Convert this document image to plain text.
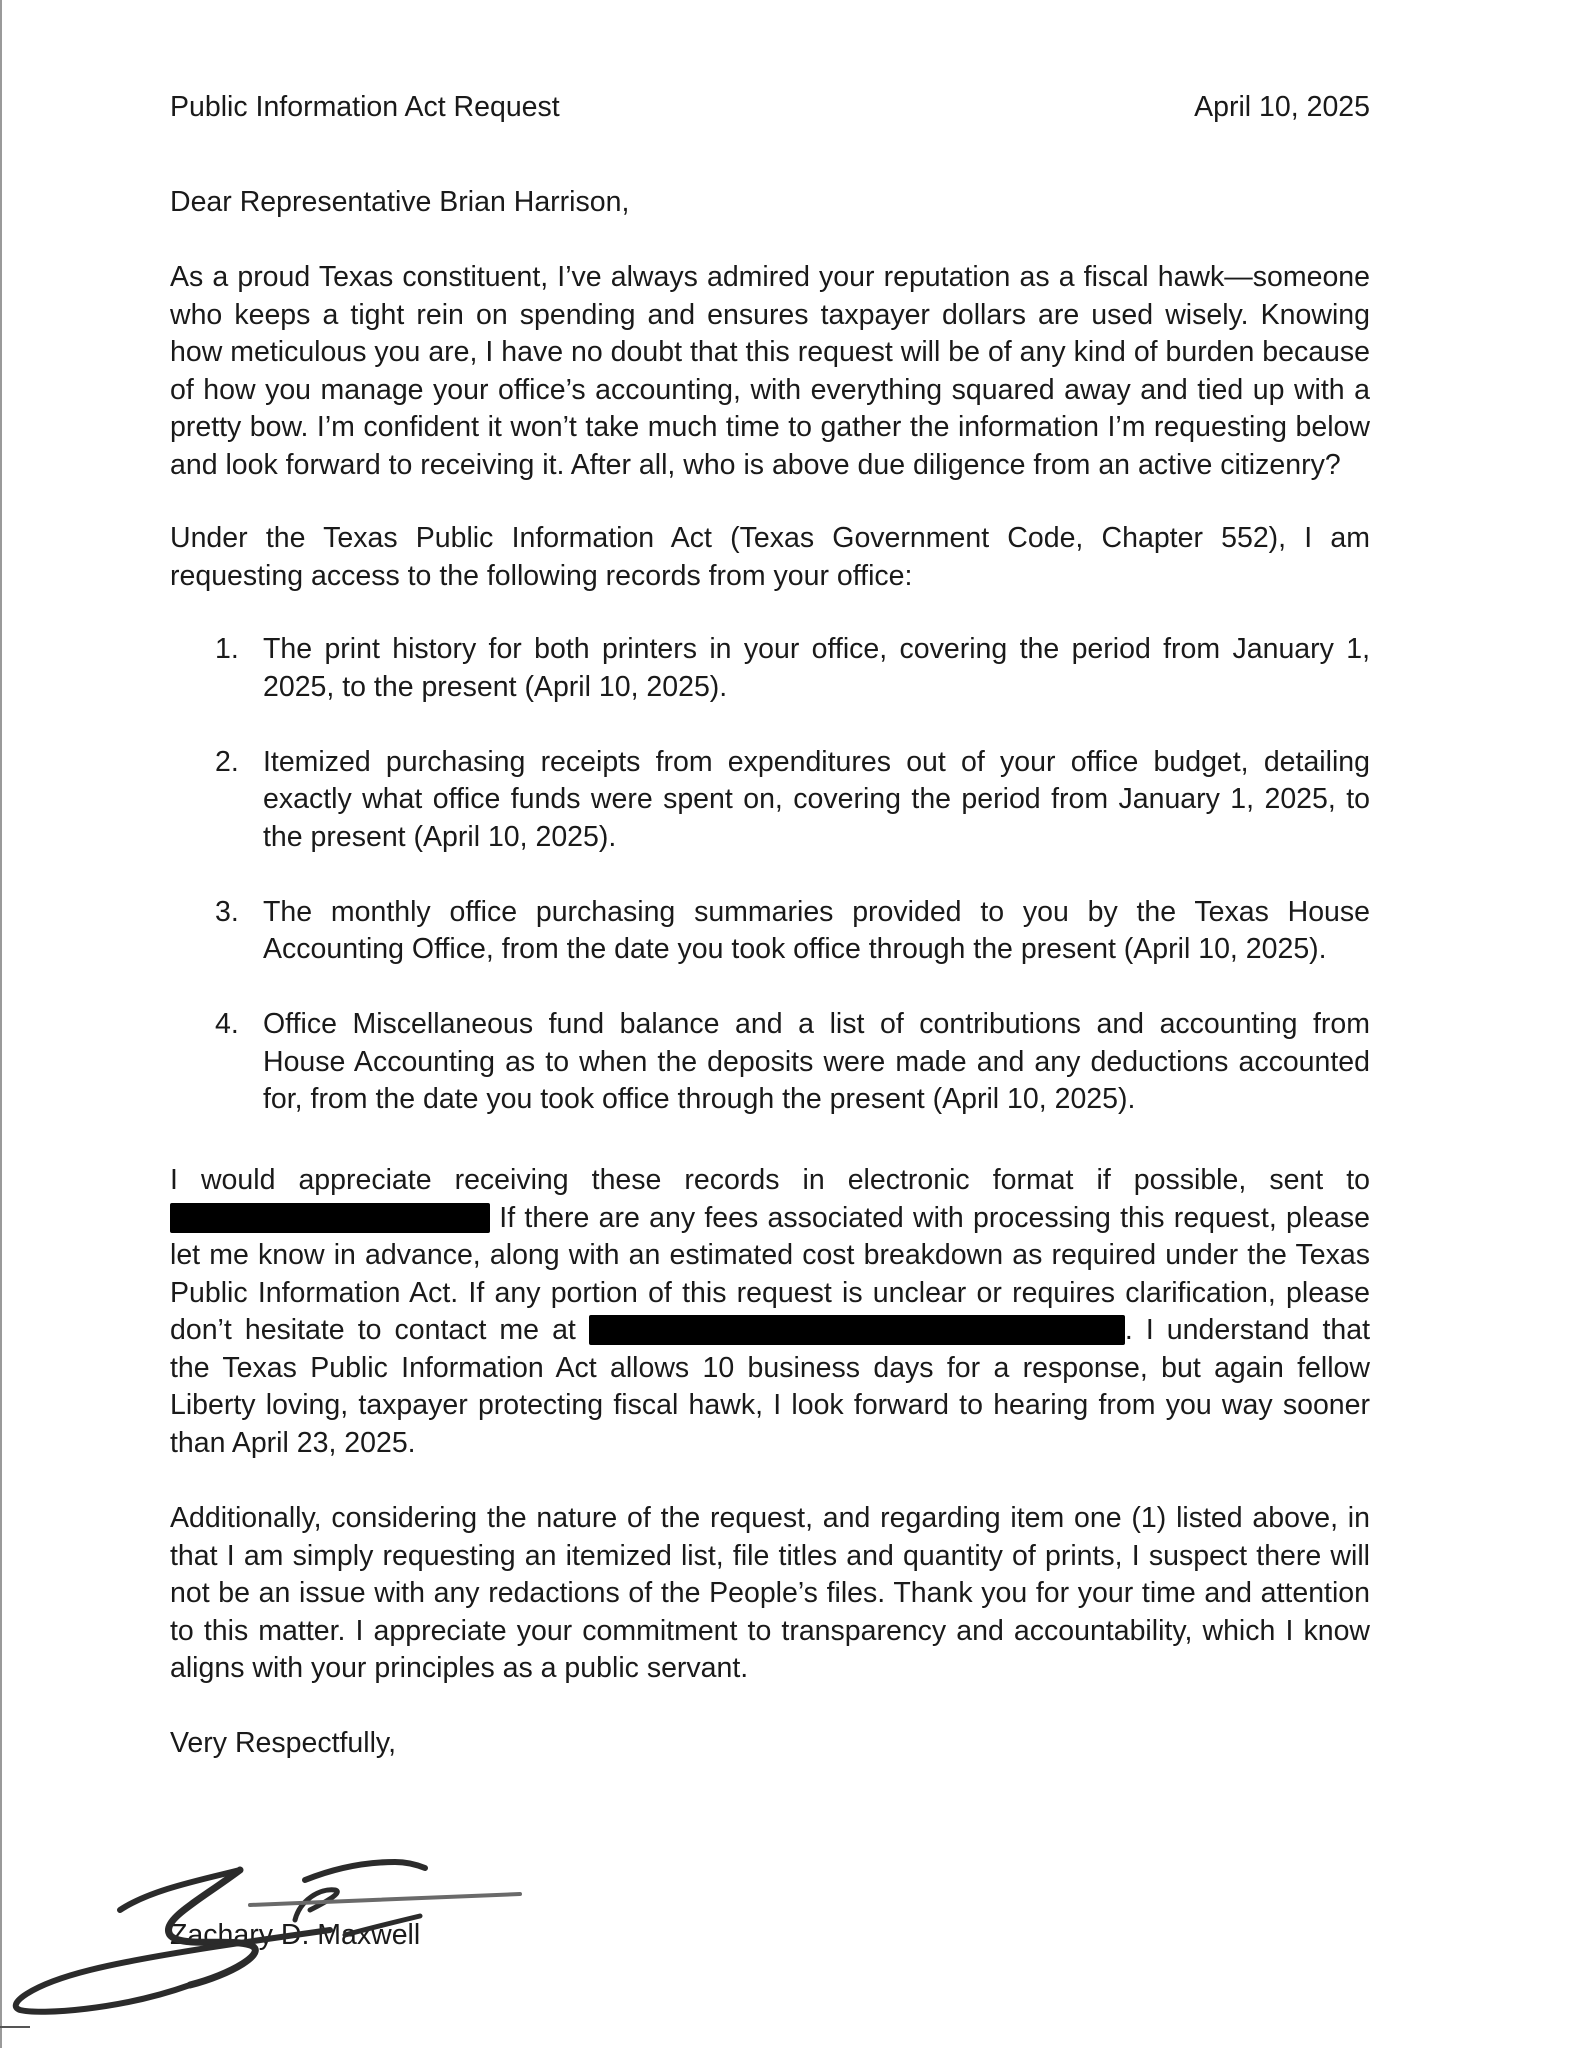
Public Information Act Request	April 10, 2025
Dear Representative Brian Harrison,
As a proud Texas constituent, I’ve always admired your reputation as a fiscal hawk—someone who keeps a tight rein on spending and ensures taxpayer dollars are used wisely. Knowing how meticulous you are, I have no doubt that this request will be of any kind of burden because of how you manage your office’s accounting, with everything squared away and tied up with a pretty bow. I’m confident it won’t take much time to gather the information I’m requesting below and look forward to receiving it. After all, who is above due diligence from an active citizenry?
Under the Texas Public Information Act (Texas Government Code, Chapter 552), I am requesting access to the following records from your office:
1. The print history for both printers in your office, covering the period from January 1, 2025, to the present (April 10, 2025).
2. Itemized purchasing receipts from expenditures out of your office budget, detailing exactly what office funds were spent on, covering the period from January 1, 2025, to the present (April 10, 2025).
3. The monthly office purchasing summaries provided to you by the Texas House Accounting Office, from the date you took office through the present (April 10, 2025).
4. Office Miscellaneous fund balance and a list of contributions and accounting from House Accounting as to when the deposits were made and any deductions accounted for, from the date you took office through the present (April 10, 2025).
I would appreciate receiving these records in electronic format if possible, sent to  If there are any fees associated with processing this request, please let me know in advance, along with an estimated cost breakdown as required under the Texas Public Information Act. If any portion of this request is unclear or requires clarification, please don’t hesitate to contact me at	. I understand that the Texas Public Information Act allows 10 business days for a response, but again fellow Liberty loving, taxpayer protecting fiscal hawk, I look forward to hearing from you way sooner than April 23, 2025.
Additionally, considering the nature of the request, and regarding item one (1) listed above, in that I am simply requesting an itemized list, file titles and quantity of prints, I suspect there will not be an issue with any redactions of the People’s files. Thank you for your time and attention to this matter. I appreciate your commitment to transparency and accountability, which I know aligns with your principles as a public servant.
Very Respectfully,
Zachary D. Maxwell
